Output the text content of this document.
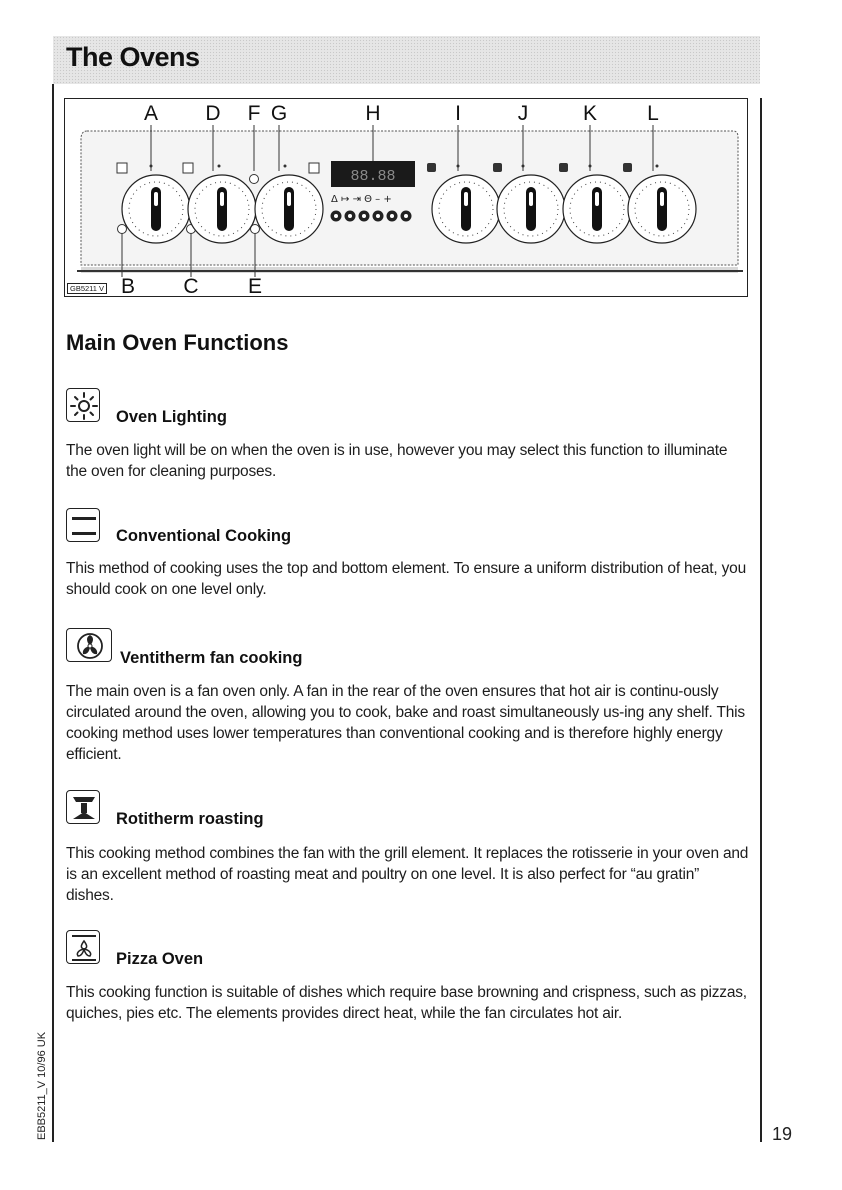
The Ovens
88.88
Δ ↦ ⇥ Θ – +
A D F G	H	I	J	K L
GB5211 V B C E
Main Oven Functions
Oven Lighting

The oven light will be on when the oven is in use, however you may select this function to illuminate the oven for cleaning purposes.

Conventional Cooking

This method of cooking uses the top and bottom element. To ensure a uniform distribution of heat, you should cook on one level only.

Ventitherm fan cooking

The main oven is a fan oven only. A fan in the rear of the oven ensures that hot air is continu-ously circulated around the oven, allowing you to cook, bake and roast simultaneously us-ing any shelf. This cooking method uses lower temperatures than conventional cooking and is therefore highly energy efficient.

Rotitherm roasting

This cooking method combines the fan with the grill element. It replaces the rotisserie in your oven and is an excellent method of roasting meat and poultry on one level. It is also perfect for “au gratin” dishes.

Pizza Oven

This cooking function is suitable of dishes which require base browning and crispness, such as pizzas, quiches, pies etc. The elements provides direct heat, while the fan circulates hot air.

EBB5211_V 10/96 UK	19
